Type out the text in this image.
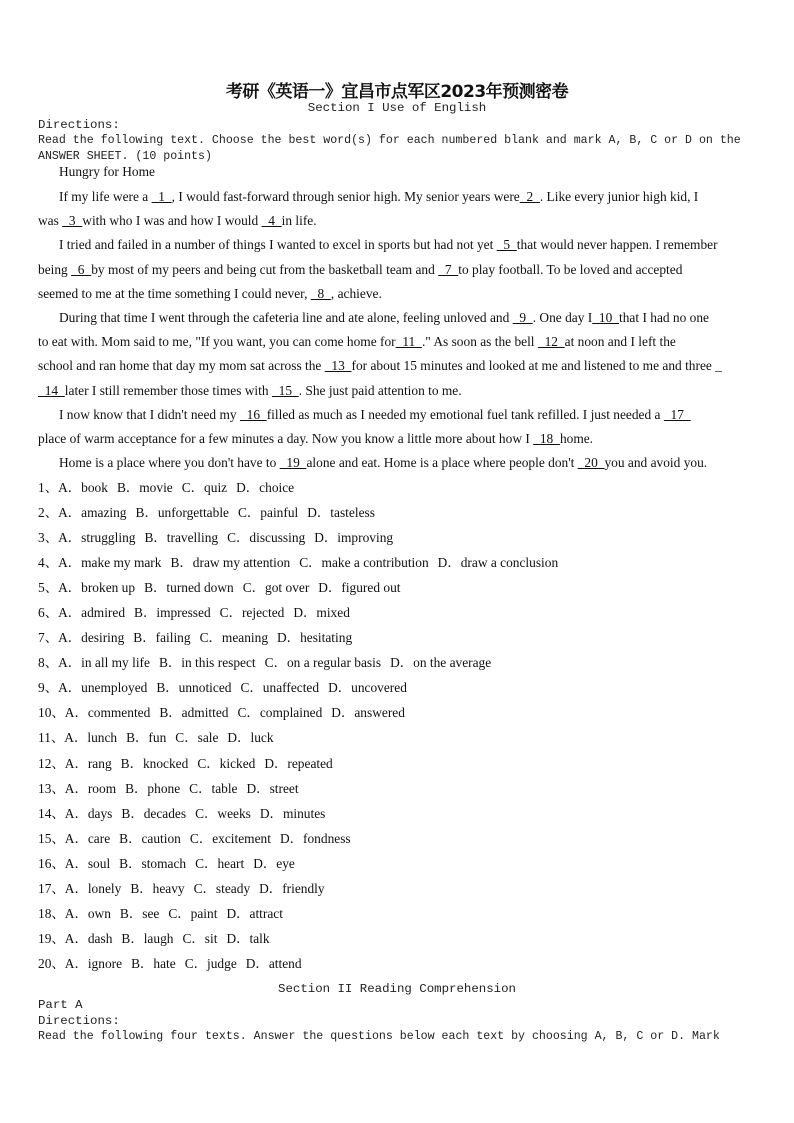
考研《英语一》宜昌市点军区2023年预测密卷
Section I Use of English
Directions:
Read the following text. Choose the best word(s) for each numbered blank and mark A, B, C or D on the
ANSWER SHEET. (10 points)
Hungry for Home
If my life were a   1  , I would fast-forward through senior high. My senior years were  2  . Like every junior high kid, I
was   3  with who I was and how I would   4  in life.
I tried and failed in a number of things I wanted to excel in sports but had not yet   5  that would never happen. I remember
being   6  by most of my peers and being cut from the basketball team and   7  to play football. To be loved and accepted
seemed to me at the time something I could never,   8  , achieve.
During that time I went through the cafeteria line and ate alone, feeling unloved and   9  . One day I  10  that I had no one
to eat with. Mom said to me, "If you want, you can come home for  11  ." As soon as the bell   12  at noon and I left the
school and ran home that day my mom sat across the   13  for about 15 minutes and looked at me and listened to me and three _
14  later I still remember those times with   15  . She just paid attention to me.
I now know that I didn't need my   16  filled as much as I needed my emotional fuel tank refilled. I just needed a   17
place of warm acceptance for a few minutes a day. Now you know a little more about how I   18  home.
Home is a place where you don't have to   19  alone and eat. Home is a place where people don't   20  you and avoid you.
1、A．book B．movie C．quiz D．choice
2、A．amazing B．unforgettable C．painful D．tasteless
3、A．struggling B．travelling C．discussing D．improving
4、A．make my mark B．draw my attention C．make a contribution D．draw a conclusion
5、A．broken up B．turned down C．got over D．figured out
6、A．admired B．impressed C．rejected D．mixed
7、A．desiring B．failing C．meaning D．hesitating
8、A．in all my life B．in this respect C．on a regular basis D．on the average
9、A．unemployed B．unnoticed C．unaffected D．uncovered
10、A．commented B．admitted C．complained D．answered
11、A．lunch B．fun C．sale D．luck
12、A．rang B．knocked C．kicked D．repeated
13、A．room B．phone C．table D．street
14、A．days B．decades C．weeks D．minutes
15、A．care B．caution C．excitement D．fondness
16、A．soul B．stomach C．heart D．eye
17、A．lonely B．heavy C．steady D．friendly
18、A．own B．see C．paint D．attract
19、A．dash B．laugh C．sit D．talk
20、A．ignore B．hate C．judge D．attend
Section II Reading Comprehension
Part A
Directions:
Read the following four texts. Answer the questions below each text by choosing A, B, C or D. Mark
